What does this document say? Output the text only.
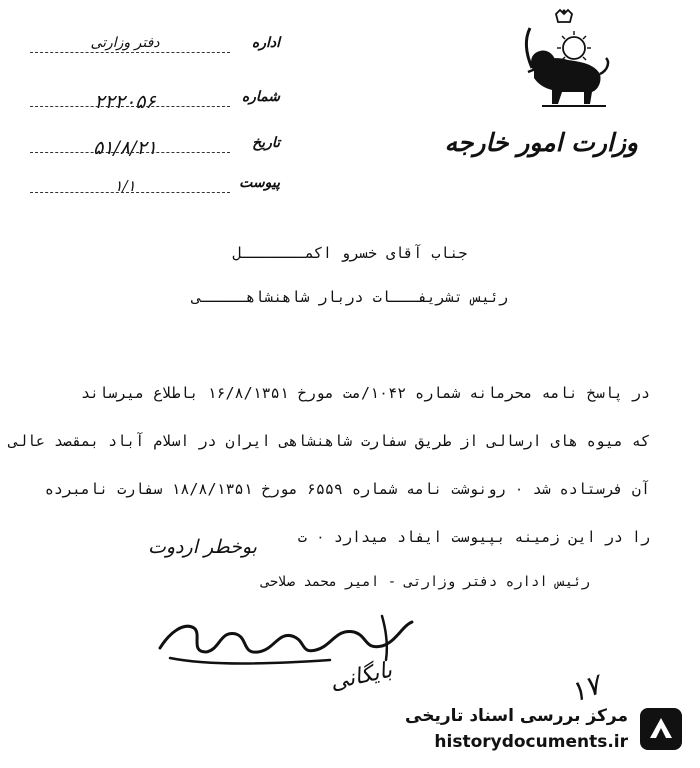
وزارت امور خارجه
اداره
دفتر وزارتی
شماره
۲۲۲۰۵۶
تاریخ
۵۱/۸/۲۱
پیوست
۱/۱
جناب آقای خسرو اکمـــــــل
رئیس تشریفـــات دربار شاهنشاهـــــی
در پاسخ نامه محرمانه شماره ۱۰۴۲/مت مورخ ۱۶/۸/۱۳۵۱ باطلاع میرساند
که میوه های ارسالی از طریق سفارت شاهنشاهی ایران در اسلام آباد بمقصد عالی
آن فرستاده شد ۰ رونوشت نامه شماره ۶۵۵۹ مورخ ۱۸/۸/۱۳۵۱ سفارت نامبرده
را در این زمینه بپیوست ایفاد میدارد ۰ ت
بوخطر اردوت
رئیس اداره دفتر وزارتی - امیر محمد صلاحی
بایگانی	۱۷
مرکز بررسی اسناد تاریخی
historydocuments.ir
